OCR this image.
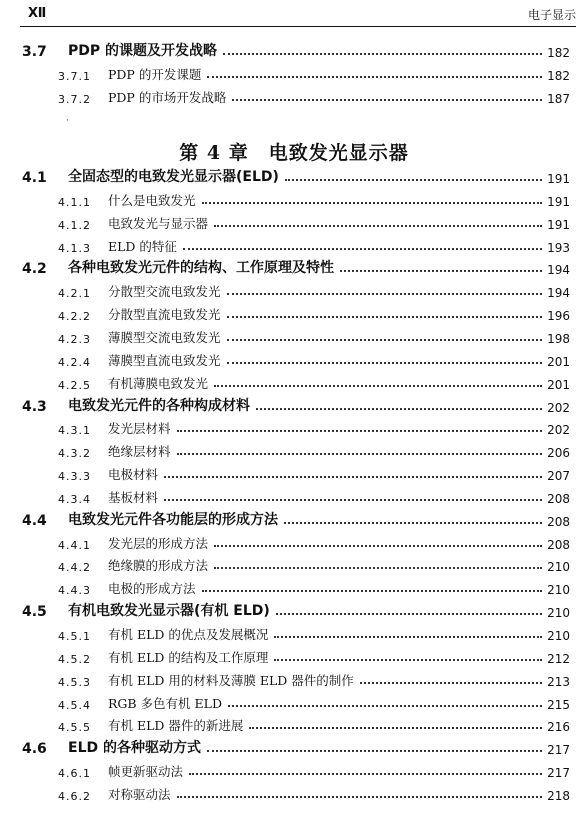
Ⅻ	电子显示
3.7	PDP 的课题及开发战略	182
3.7.1	PDP 的开发课题	182
3.7.2	PDP 的市场开发战略	187
·
第 4 章 电致发光显示器
4.1	全固态型的电致发光显示器(ELD)	191
4.1.1	什么是电致发光	191
4.1.2	电致发光与显示器	191
4.1.3	ELD 的特征	193
4.2	各种电致发光元件的结构、工作原理及特性	194
4.2.1	分散型交流电致发光	194
4.2.2	分散型直流电致发光	196
4.2.3	薄膜型交流电致发光	198
4.2.4	薄膜型直流电致发光	201
4.2.5	有机薄膜电致发光	201
4.3	电致发光元件的各种构成材料	202
4.3.1	发光层材料	202
4.3.2	绝缘层材料	206
4.3.3	电极材料	207
4.3.4	基板材料	208
4.4	电致发光元件各功能层的形成方法	208
4.4.1	发光层的形成方法	208
4.4.2	绝缘膜的形成方法	210
4.4.3	电极的形成方法	210
4.5	有机电致发光显示器(有机 ELD)	210
4.5.1	有机 ELD 的优点及发展概况	210
4.5.2	有机 ELD 的结构及工作原理	212
4.5.3	有机 ELD 用的材料及薄膜 ELD 器件的制作	213
4.5.4	RGB 多色有机 ELD	215
4.5.5	有机 ELD 器件的新进展	216
4.6	ELD 的各种驱动方式	217
4.6.1	帧更新驱动法	217
4.6.2	对称驱动法	218
